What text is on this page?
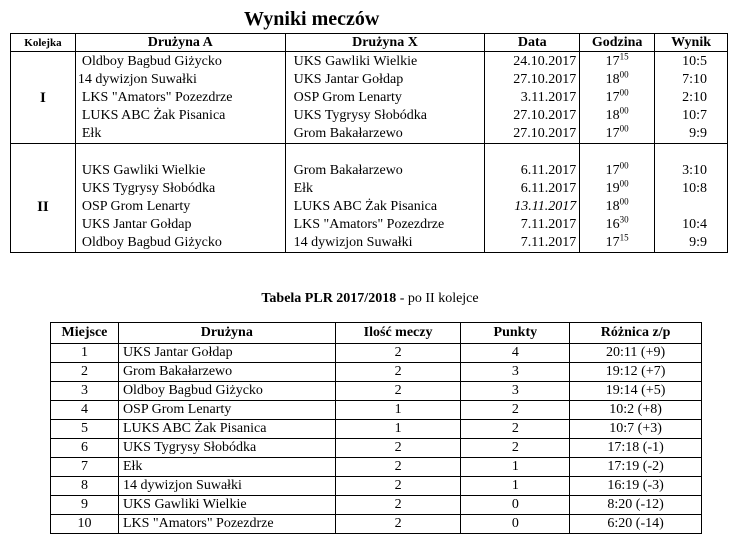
Wyniki meczów
Kolejka	Drużyna A	Drużyna X	Data	Godzina	Wynik
I	Oldboy Bagbud Giżycko	UKS Gawliki Wielkie	24.10.2017	$17^{15}$	10:5
	14 dywizjon Suwałki	UKS Jantar Gołdap	27.10.2017	$18^{00}$	7:10
	LKS "Amators" Pozezdrze	OSP Grom Lenarty	3.11.2017	$17^{00}$	2:10
	LUKS ABC Żak Pisanica	UKS Tygrysy Słobódka	27.10.2017	$18^{00}$	10:7
	Ełk	Grom Bakałarzewo	27.10.2017	$17^{00}$	9:9

II	UKS Gawliki Wielkie	Grom Bakałarzewo	6.11.2017	$17^{00}$	3:10
	UKS Tygrysy Słobódka	Ełk	6.11.2017	$19^{00}$	10:8
	OSP Grom Lenarty	LUKS ABC Żak Pisanica	13.11.2017	$18^{00}$	
	UKS Jantar Gołdap	LKS "Amators" Pozezdrze	7.11.2017	$16^{30}$	10:4
	Oldboy Bagbud Giżycko	14 dywizjon Suwałki	7.11.2017	$17^{15}$	9:9
Tabela PLR 2017/2018 - po II kolejce
Miejsce	Drużyna	Ilość meczy	Punkty	Różnica z/p
1	UKS Jantar Gołdap	2	4	20:11 (+9)
2	Grom Bakałarzewo	2	3	19:12 (+7)
3	Oldboy Bagbud Giżycko	2	3	19:14 (+5)
4	OSP Grom Lenarty	1	2	10:2 (+8)
5	LUKS ABC Żak Pisanica	1	2	10:7 (+3)
6	UKS Tygrysy Słobódka	2	2	17:18 (-1)
7	Ełk	2	1	17:19 (-2)
8	14 dywizjon Suwałki	2	1	16:19 (-3)
9	UKS Gawliki Wielkie	2	0	8:20 (-12)
10	LKS "Amators" Pozezdrze	2	0	6:20 (-14)
